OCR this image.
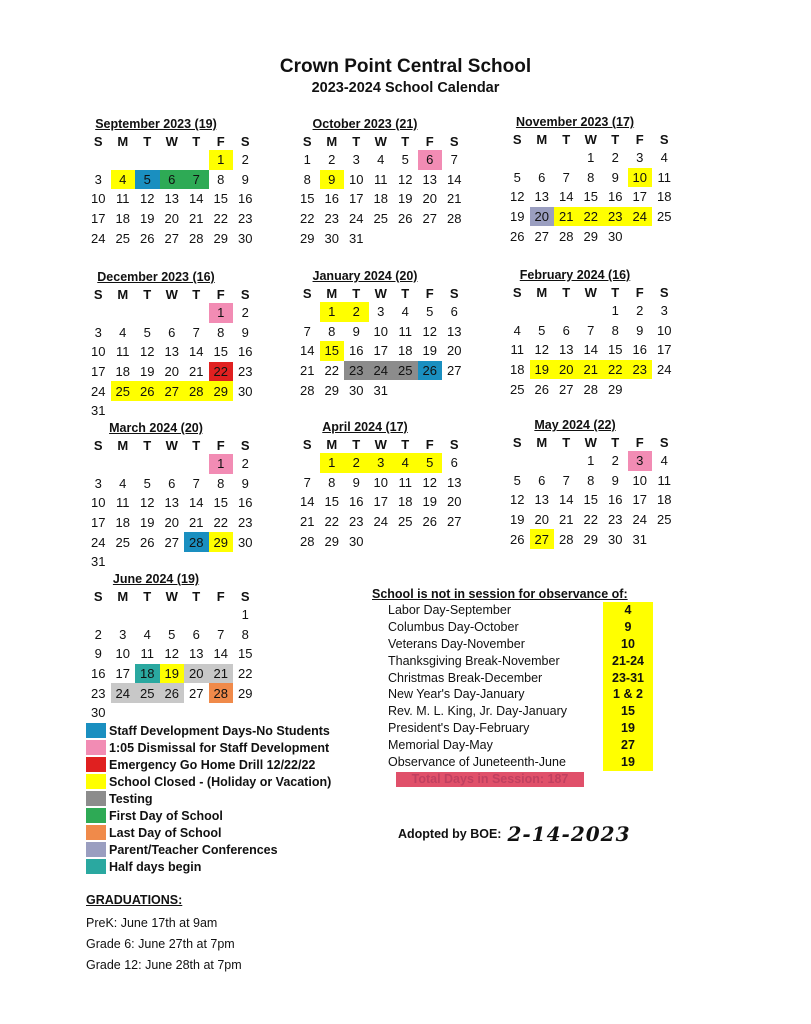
Crown Point Central School
2023-2024 School Calendar
September 2023 (19)
S	M	T	W	T	F	S
					1	2
3	4	5	6	7	8	9
10	11	12	13	14	15	16
17	18	19	20	21	22	23
24	25	26	27	28	29	30
October 2023 (21)
S	M	T	W	T	F	S
1	2	3	4	5	6	7
8	9	10	11	12	13	14
15	16	17	18	19	20	21
22	23	24	25	26	27	28
29	30	31				
November 2023 (17)
S	M	T	W	T	F	S
			1	2	3	4
5	6	7	8	9	10	11
12	13	14	15	16	17	18
19	20	21	22	23	24	25
26	27	28	29	30		
December 2023 (16)
S	M	T	W	T	F	S
					1	2
3	4	5	6	7	8	9
10	11	12	13	14	15	16
17	18	19	20	21	22	23
24	25	26	27	28	29	30
31						
January 2024 (20)
S	M	T	W	T	F	S
	1	2	3	4	5	6
7	8	9	10	11	12	13
14	15	16	17	18	19	20
21	22	23	24	25	26	27
28	29	30	31			
February 2024 (16)
S	M	T	W	T	F	S
				1	2	3
4	5	6	7	8	9	10
11	12	13	14	15	16	17
18	19	20	21	22	23	24
25	26	27	28	29		
March 2024 (20)
S	M	T	W	T	F	S
					1	2
3	4	5	6	7	8	9
10	11	12	13	14	15	16
17	18	19	20	21	22	23
24	25	26	27	28	29	30
31						
April 2024 (17)
S	M	T	W	T	F	S
	1	2	3	4	5	6
7	8	9	10	11	12	13
14	15	16	17	18	19	20
21	22	23	24	25	26	27
28	29	30				
May 2024 (22)
S	M	T	W	T	F	S
			1	2	3	4
5	6	7	8	9	10	11
12	13	14	15	16	17	18
19	20	21	22	23	24	25
26	27	28	29	30	31	
June 2024 (19)
S	M	T	W	T	F	S
						1
2	3	4	5	6	7	8
9	10	11	12	13	14	15
16	17	18	19	20	21	22
23	24	25	26	27	28	29
30						
Staff Development Days-No Students
1:05 Dismissal for Staff Development
Emergency Go Home Drill 12/22/22
School Closed - (Holiday or Vacation)
Testing
First Day of School
Last Day of School
Parent/Teacher Conferences
Half days begin
School is not in session for observance of:
Labor Day-September	4
Columbus Day-October	9
Veterans Day-November	10
Thanksgiving Break-November	21-24
Christmas Break-December	23-31
New Year's Day-January	1 & 2
Rev. M. L. King, Jr. Day-January	15
President's Day-February	19
Memorial Day-May	27
Observance of Juneteenth-June	19
Total Days in Session: 187
Adopted by BOE: 2-14-2023
GRADUATIONS:
PreK: June 17th at 9am
Grade 6: June 27th at 7pm
Grade 12: June 28th at 7pm
